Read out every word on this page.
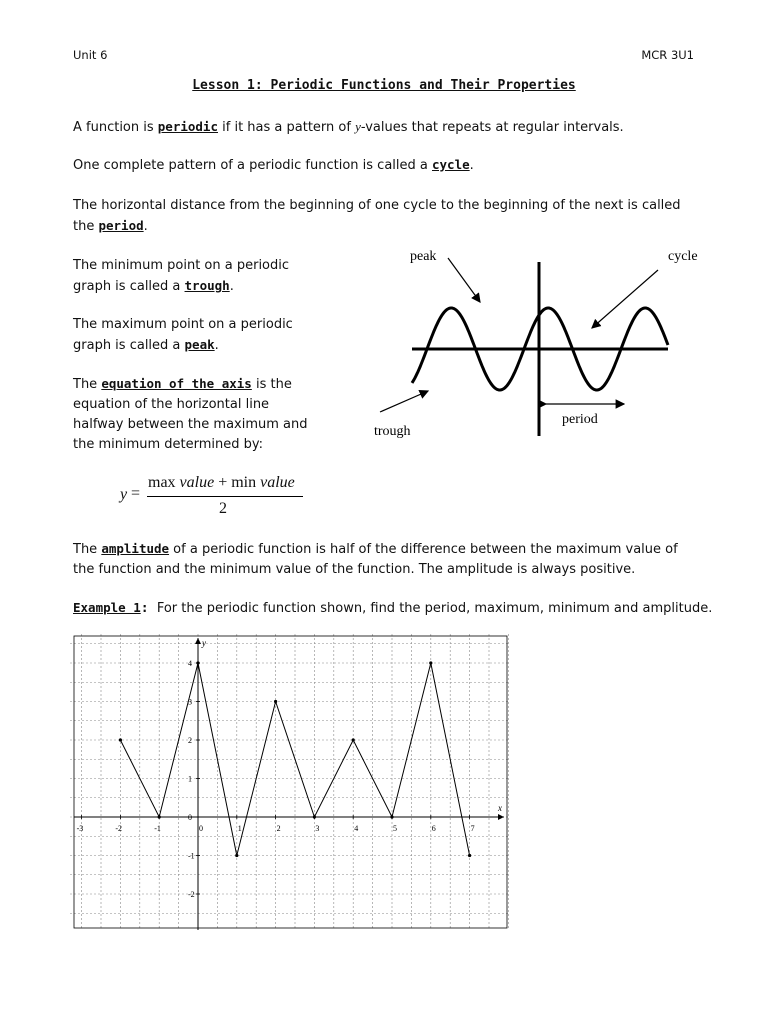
Unit 6	MCR 3U1
Lesson 1: Periodic Functions and Their Properties
A function is periodic if it has a pattern of y-values that repeats at regular intervals.
One complete pattern of a periodic function is called a cycle.
The horizontal distance from the beginning of one cycle to the beginning of the next is called
the period.
The minimum point on a periodic
graph is called a trough.
The maximum point on a periodic
graph is called a peak.
The equation of the axis is the
equation of the horizontal line
halfway between the maximum and
the minimum determined by:
y =
max value + min value
2
peak	cycle
trough
period
The amplitude of a periodic function is half of the difference between the maximum value of
the function and the minimum value of the function. The amplitude is always positive.
Example 1: For the periodic function shown, find the period, maximum, minimum and amplitude.
x
y
-3	-2	-1	0	1	2	3	4	5	6	7
-2
-1
0
1
2
3
4
